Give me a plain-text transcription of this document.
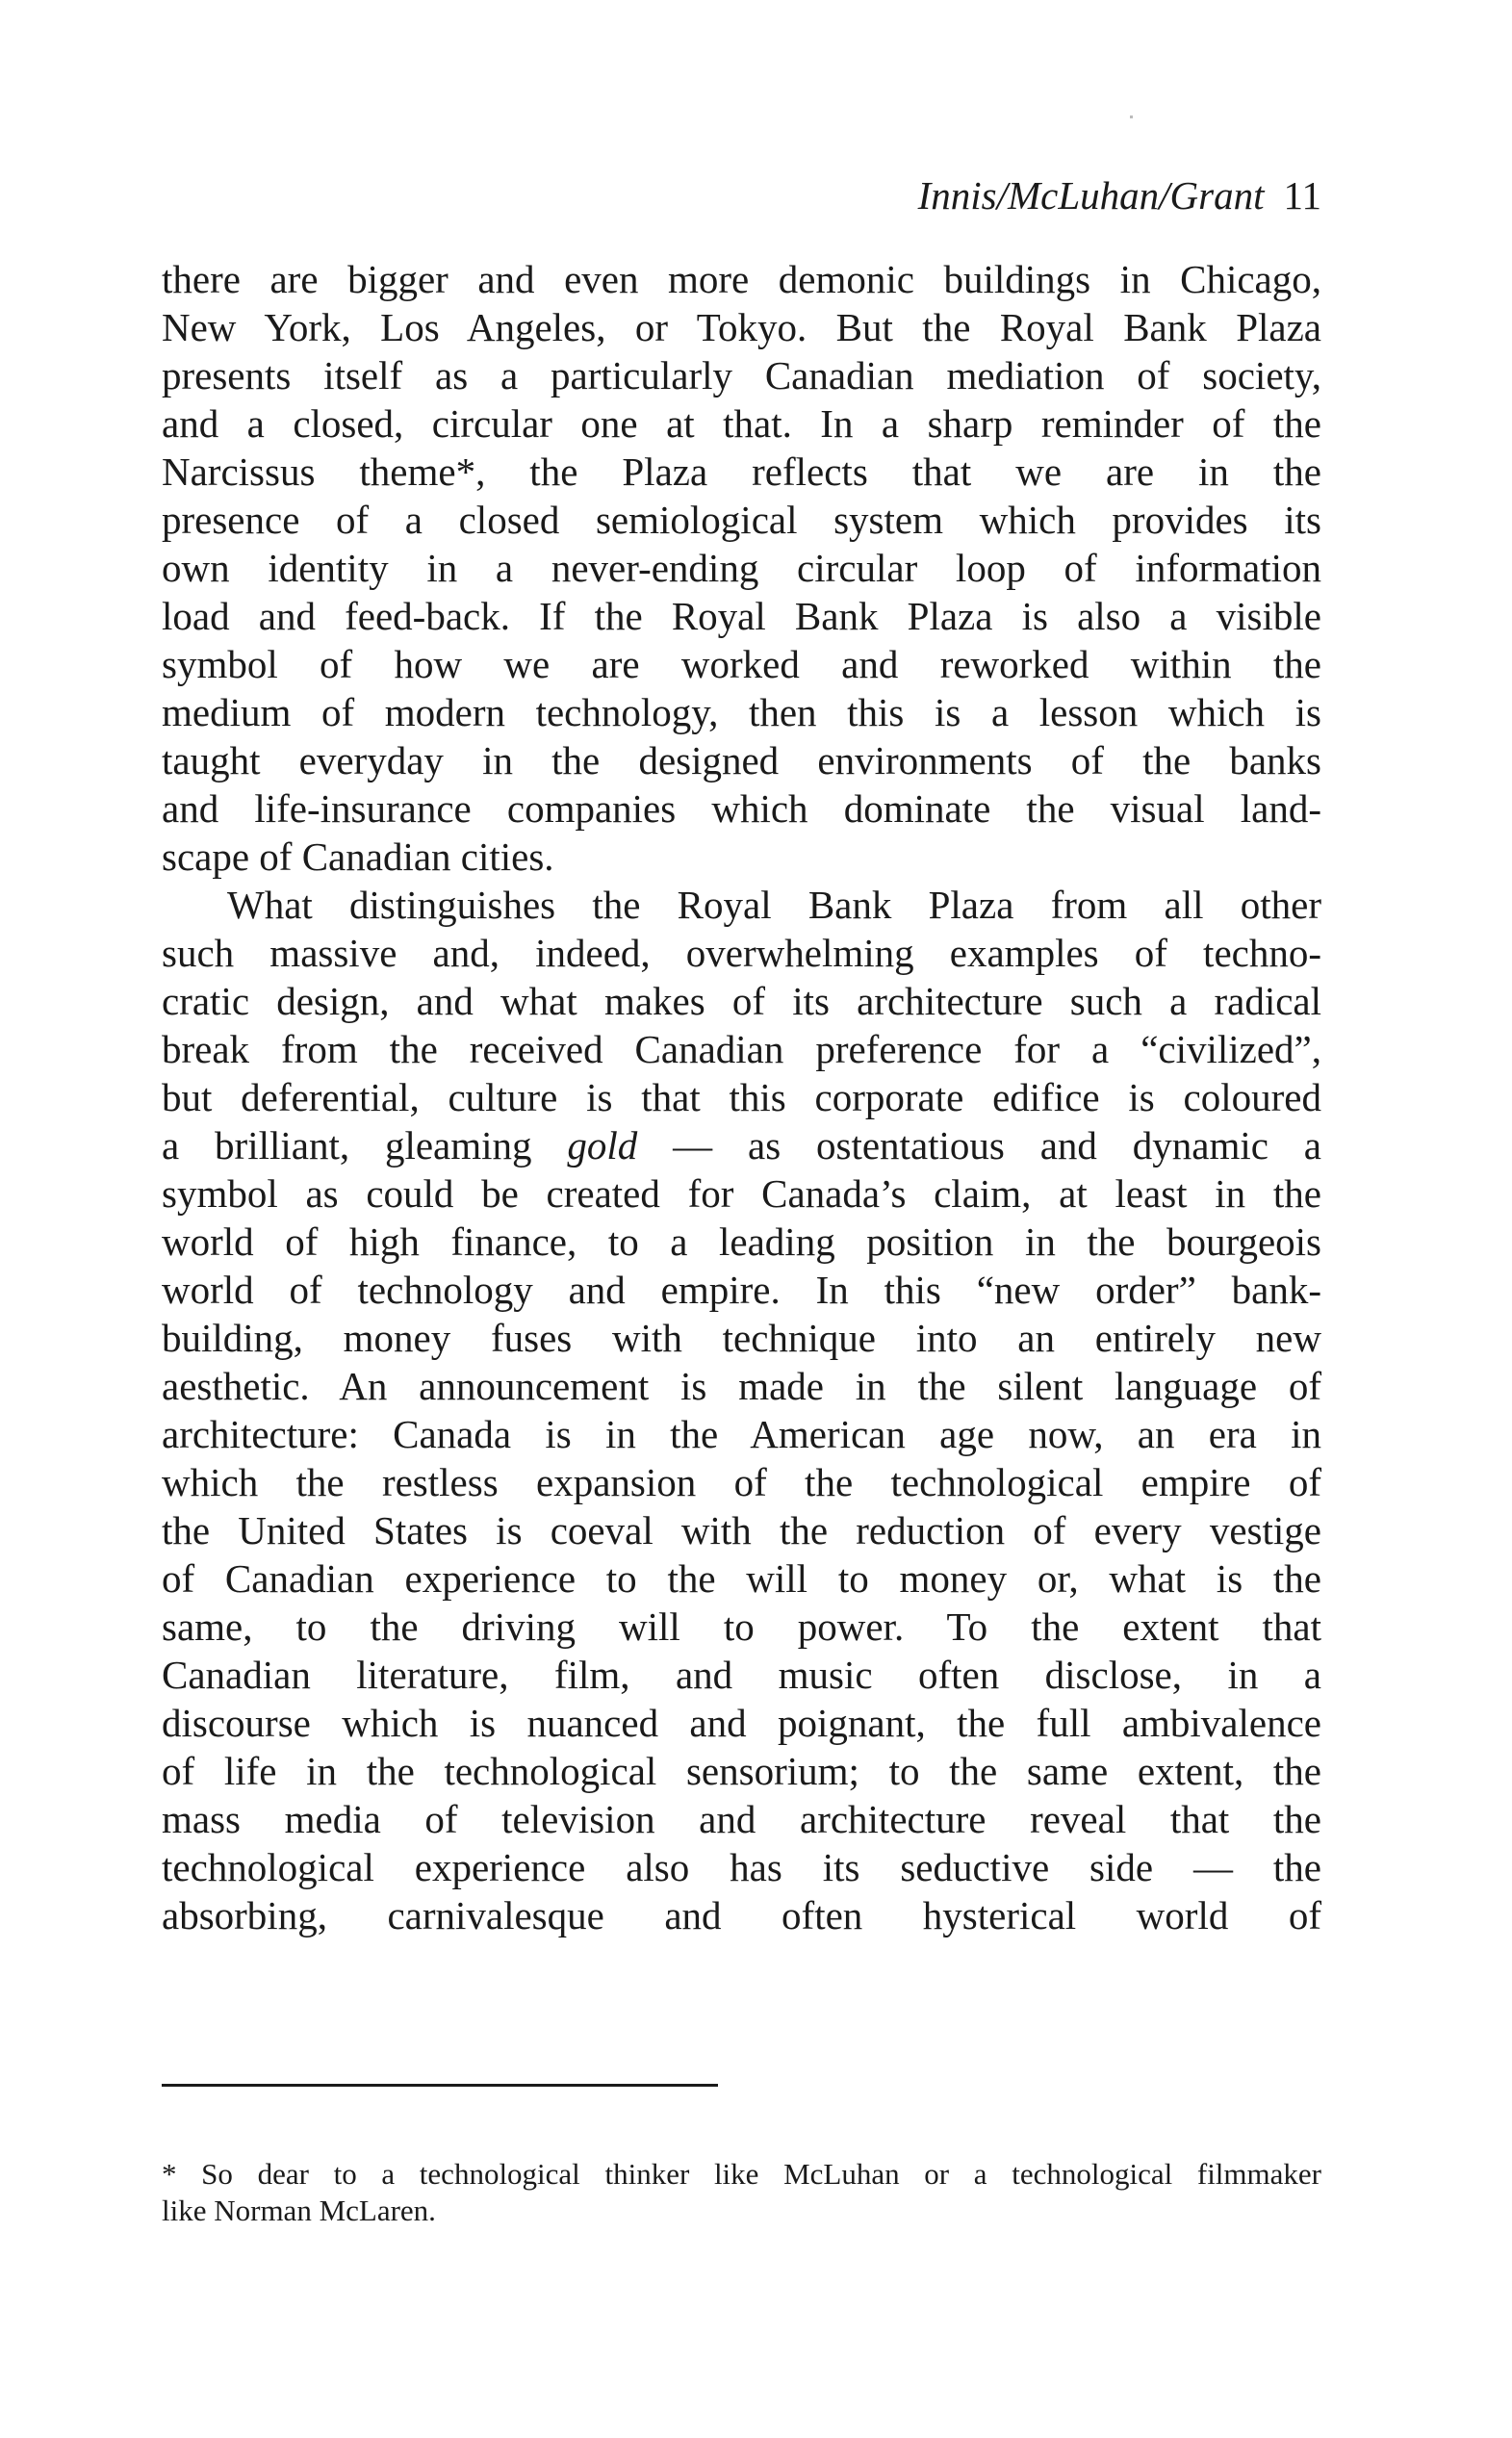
Innis/McLuhan/Grant 11
there are bigger and even more demonic buildings in Chicago,
New York, Los Angeles, or Tokyo. But the Royal Bank Plaza
presents itself as a particularly Canadian mediation of society,
and a closed, circular one at that. In a sharp reminder of the
Narcissus theme*, the Plaza reflects that we are in the
presence of a closed semiological system which provides its
own identity in a never-ending circular loop of information
load and feed-back. If the Royal Bank Plaza is also a visible
symbol of how we are worked and reworked within the
medium of modern technology, then this is a lesson which is
taught everyday in the designed environments of the banks
and life-insurance companies which dominate the visual land-
scape of Canadian cities.
What distinguishes the Royal Bank Plaza from all other
such massive and, indeed, overwhelming examples of techno-
cratic design, and what makes of its architecture such a radical
break from the received Canadian preference for a “civilized”,
but deferential, culture is that this corporate edifice is coloured
a brilliant, gleaming gold — as ostentatious and dynamic a
symbol as could be created for Canada’s claim, at least in the
world of high finance, to a leading position in the bourgeois
world of technology and empire. In this “new order” bank-
building, money fuses with technique into an entirely new
aesthetic. An announcement is made in the silent language of
architecture: Canada is in the American age now, an era in
which the restless expansion of the technological empire of
the United States is coeval with the reduction of every vestige
of Canadian experience to the will to money or, what is the
same, to the driving will to power. To the extent that
Canadian literature, film, and music often disclose, in a
discourse which is nuanced and poignant, the full ambivalence
of life in the technological sensorium; to the same extent, the
mass media of television and architecture reveal that the
technological experience also has its seductive side — the
absorbing, carnivalesque and often hysterical world of
* So dear to a technological thinker like McLuhan or a technological filmmaker
like Norman McLaren.
